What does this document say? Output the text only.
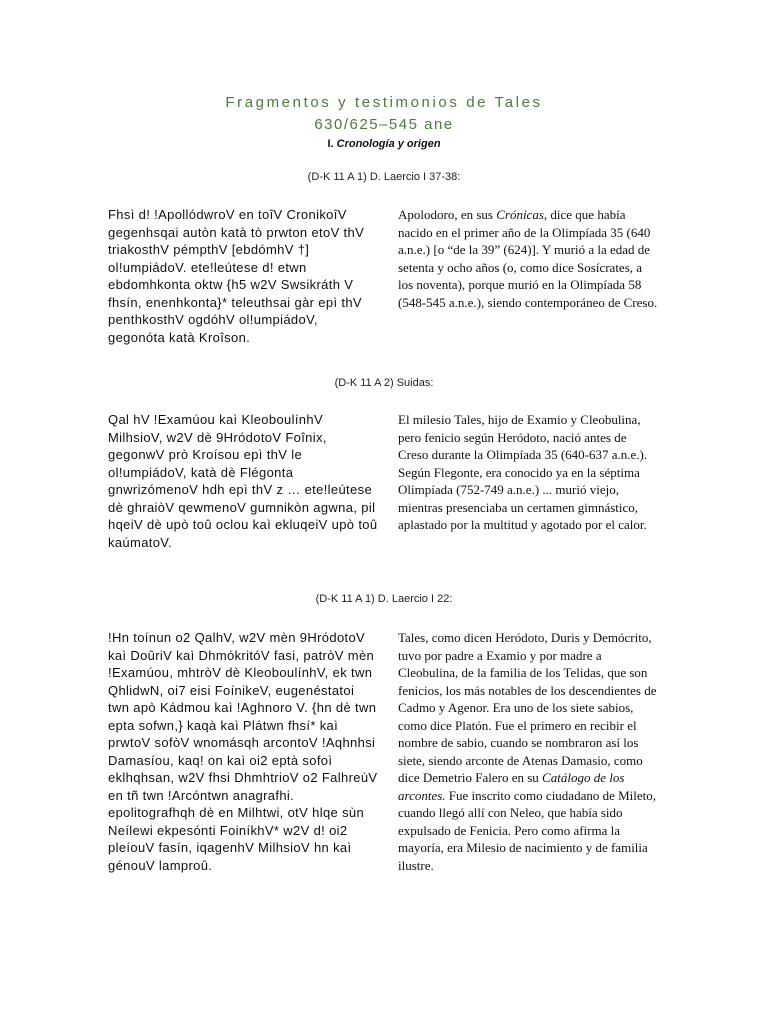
Fragmentos y testimonios de Tales
630/625–545 ane
I. Cronología y origen
(D-K 11 A 1) D. Laercio I 37-38:
Fhsì d! !ApollódwroV en toîV CronikoîV gegenhsqai autòn katà tò prwton etoV thV triakosthV pémpthV [ebdómhV †] ol!umpiádoV. ete!leútese d! etwn ebdomhkonta oktw {h5 w2V Swsikráth V fhsín, enenhkonta}* teleuthsai gàr epì thV penthkosthV ogdóhV ol!umpiádoV, gegonóta katà Kroîson.
Apolodoro, en sus Crónicas, dice que había nacido en el primer año de la Olimpíada 35 (640 a.n.e.) [o “de la 39” (624)]. Y murió a la edad de setenta y ocho años (o, como dice Sosícrates, a los noventa), porque murió en la Olimpíada 58 (548-545 a.n.e.), siendo contemporáneo de Creso.
(D-K 11 A 2) Suidas:
Qal hV !Examúou kaì KleoboulínhV MilhsioV, w2V dè 9HródotoV Foînix, gegonwV prò Kroísou epì thV le ol!umpiádoV, katà dè Flégonta gnwrizómenoV hdh epì thV z … ete!leútese dè ghraiòV qewmenoV gumnikòn agwna, pil hqeiV dè upò toû oclou kaì ekluqeiV upò toû kaúmatoV.
El milesio Tales, hijo de Examio y Cleobulina, pero fenicio según Heródoto, nació antes de Creso durante la Olimpíada 35 (640-637 a.n.e.). Según Flegonte, era conocido ya en la séptima Olimpíada (752-749 a.n.e.) ... murió viejo, mientras presenciaba un certamen gimnástico, aplastado por la multitud y agotado por el calor.
(D-K 11 A 1) D. Laercio I 22:
!Hn toínun o2 QalhV, w2V mèn 9HródotoV kaì DoûriV kaì DhmókritóV fasi, patròV mèn !Examúou, mhtròV dè KleoboulínhV, ek twn QhlidwN, oi7 eisi FoínikeV, eugenéstatoi twn apò Kádmou kaì !Aghnoro V. {hn dè twn epta sofwn,} kaqà kaì Plátwn fhsí* kaì prwtoV sofòV wnomásqh arcontoV !Aqhnhsi Damasíou, kaq! on kaì oi2 eptà sofoì eklhqhsan, w2V fhsi DhmhtrioV o2 FalhreùV en tñ twn !Arcóntwn anagrafhi. epolitografhqh dè en Milhtwi, otV hlqe sùn Neílewi ekpesónti FoiníkhV* w2V d! oi2 pleíouV fasín, iqagenhV MilhsioV hn kaì génouV lamproû.
Tales, como dicen Heródoto, Duris y Demócrito, tuvo por padre a Examio y por madre a Cleobulina, de la familia de los Telidas, que son fenicios, los más notables de los descendientes de Cadmo y Agenor. Era uno de los siete sabios, como dice Platón. Fue el primero en recibir el nombre de sabio, cuando se nombraron así los siete, siendo arconte de Atenas Damasio, como dice Demetrio Falero en su Catálogo de los arcontes. Fue inscrito como ciudadano de Mileto, cuando llegó allí con Neleo, que había sido expulsado de Fenicia. Pero como afirma la mayoría, era Milesio de nacimiento y de familia ilustre.
